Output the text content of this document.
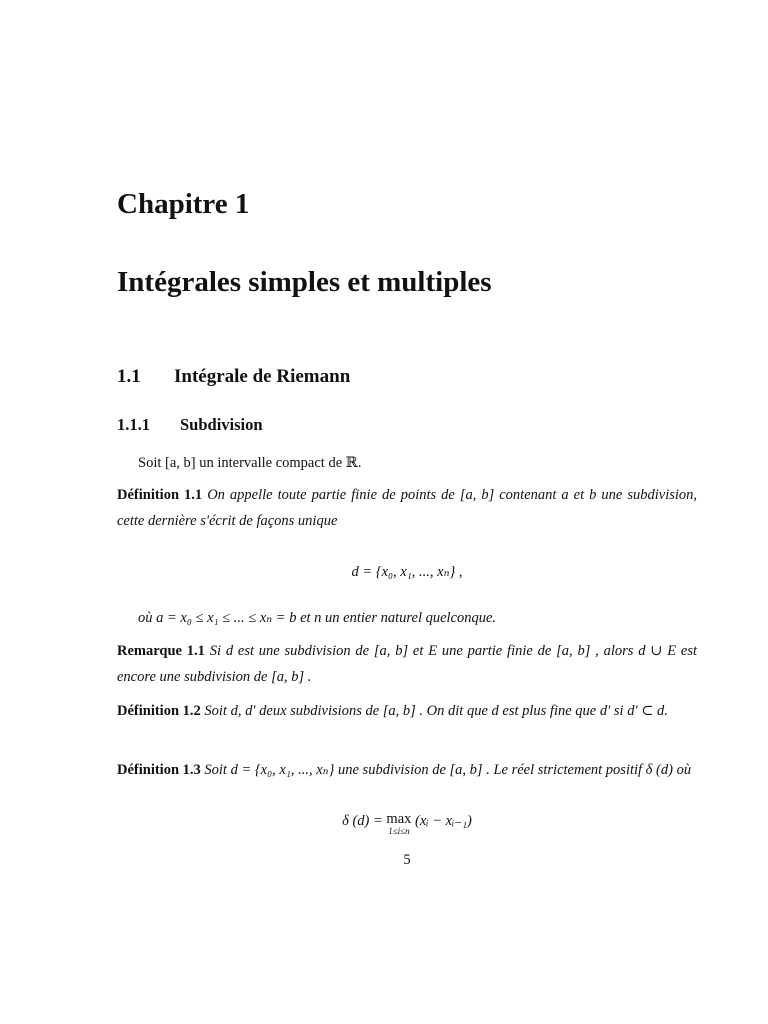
Chapitre 1
Intégrales simples et multiples
1.1 Intégrale de Riemann
1.1.1 Subdivision
Soit [a, b] un intervalle compact de ℝ.
Définition 1.1 On appelle toute partie finie de points de [a, b] contenant a et b une subdivision, cette dernière s'écrit de façons unique
d = {x₀, x₁, ..., xₙ} ,
où a = x₀ ≤ x₁ ≤ ... ≤ xₙ = b et n un entier naturel quelconque.
Remarque 1.1 Si d est une subdivision de [a, b] et E une partie finie de [a, b] , alors d ∪ E est encore une subdivision de [a, b] .
Définition 1.2 Soit d, d′ deux subdivisions de [a, b] . On dit que d est plus fine que d′ si d′ ⊂ d.
Définition 1.3 Soit d = {x₀, x₁, ..., xₙ} une subdivision de [a, b] . Le réel strictement positif δ (d) où
δ (d) = max
1≤i≤n
(xᵢ − xᵢ₋₁)
5
